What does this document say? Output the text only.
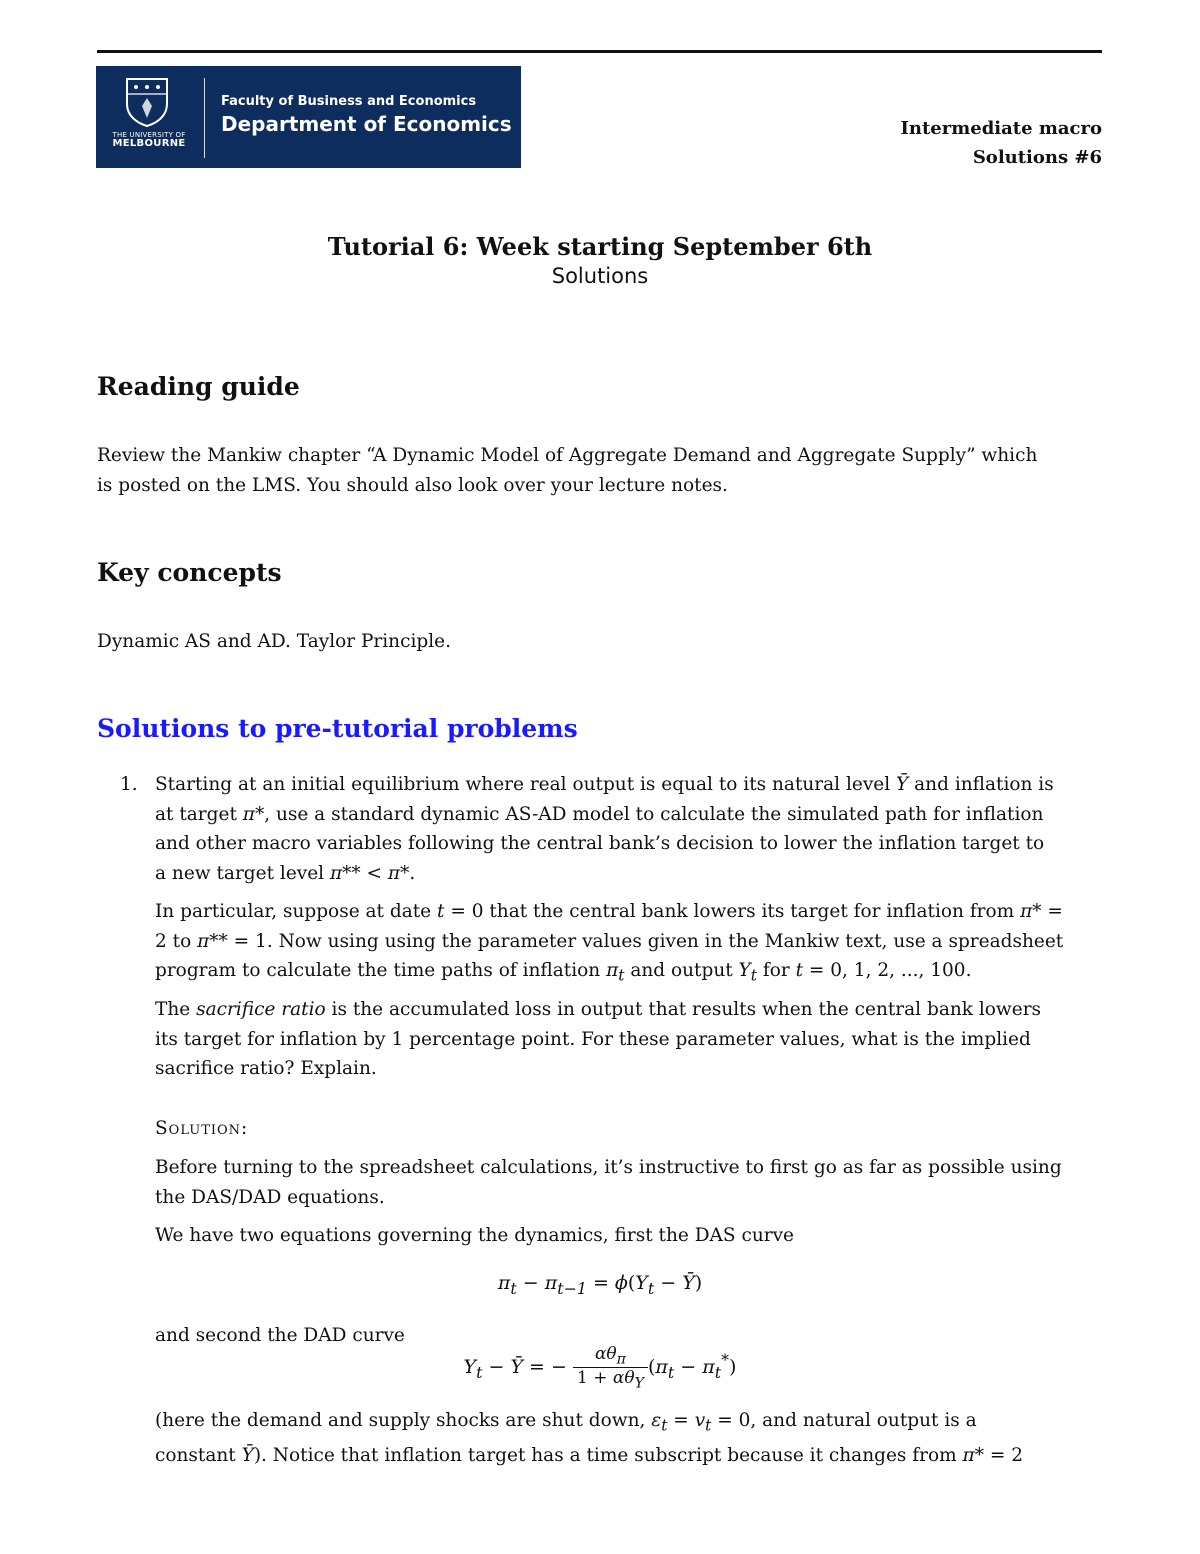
THE UNIVERSITY OF
MELBOURNE
Faculty of Business and Economics
Department of Economics	Intermediate macro
Solutions #6
Tutorial 6: Week starting September 6th
Solutions
Reading guide
Review the Mankiw chapter “A Dynamic Model of Aggregate Demand and Aggregate Supply” which
is posted on the LMS. You should also look over your lecture notes.
Key concepts
Dynamic AS and AD. Taylor Principle.
Solutions to pre-tutorial problems
1. Starting at an initial equilibrium where real output is equal to its natural level Ȳ and inflation is
at target π*, use a standard dynamic AS-AD model to calculate the simulated path for inflation
and other macro variables following the central bank’s decision to lower the inflation target to
a new target level π** < π*.
In particular, suppose at date t = 0 that the central bank lowers its target for inflation from π* =
2 to π** = 1. Now using using the parameter values given in the Mankiw text, use a spreadsheet
program to calculate the time paths of inflation $\pi_t$ and output $Y_t$ for t = 0, 1, 2, ..., 100.
The sacrifice ratio is the accumulated loss in output that results when the central bank lowers
its target for inflation by 1 percentage point. For these parameter values, what is the implied
sacrifice ratio? Explain.
Solution:
Before turning to the spreadsheet calculations, it’s instructive to first go as far as possible using
the DAS/DAD equations.
We have two equations governing the dynamics, first the DAS curve
$\pi_t - \pi_{t-1} = \phi(Y_t$ − Ȳ)
and second the DAD curve
$Y_t$ − Ȳ = − $\frac{\alpha\theta_\pi}{1 + \alpha\theta_Y} (\pi_t - \pi_t^*)$
(here the demand and supply shocks are shut down, $\varepsilon_t = v_t = 0$, and natural output is a
constant Ȳ). Notice that inflation target has a time subscript because it changes from π* = 2
